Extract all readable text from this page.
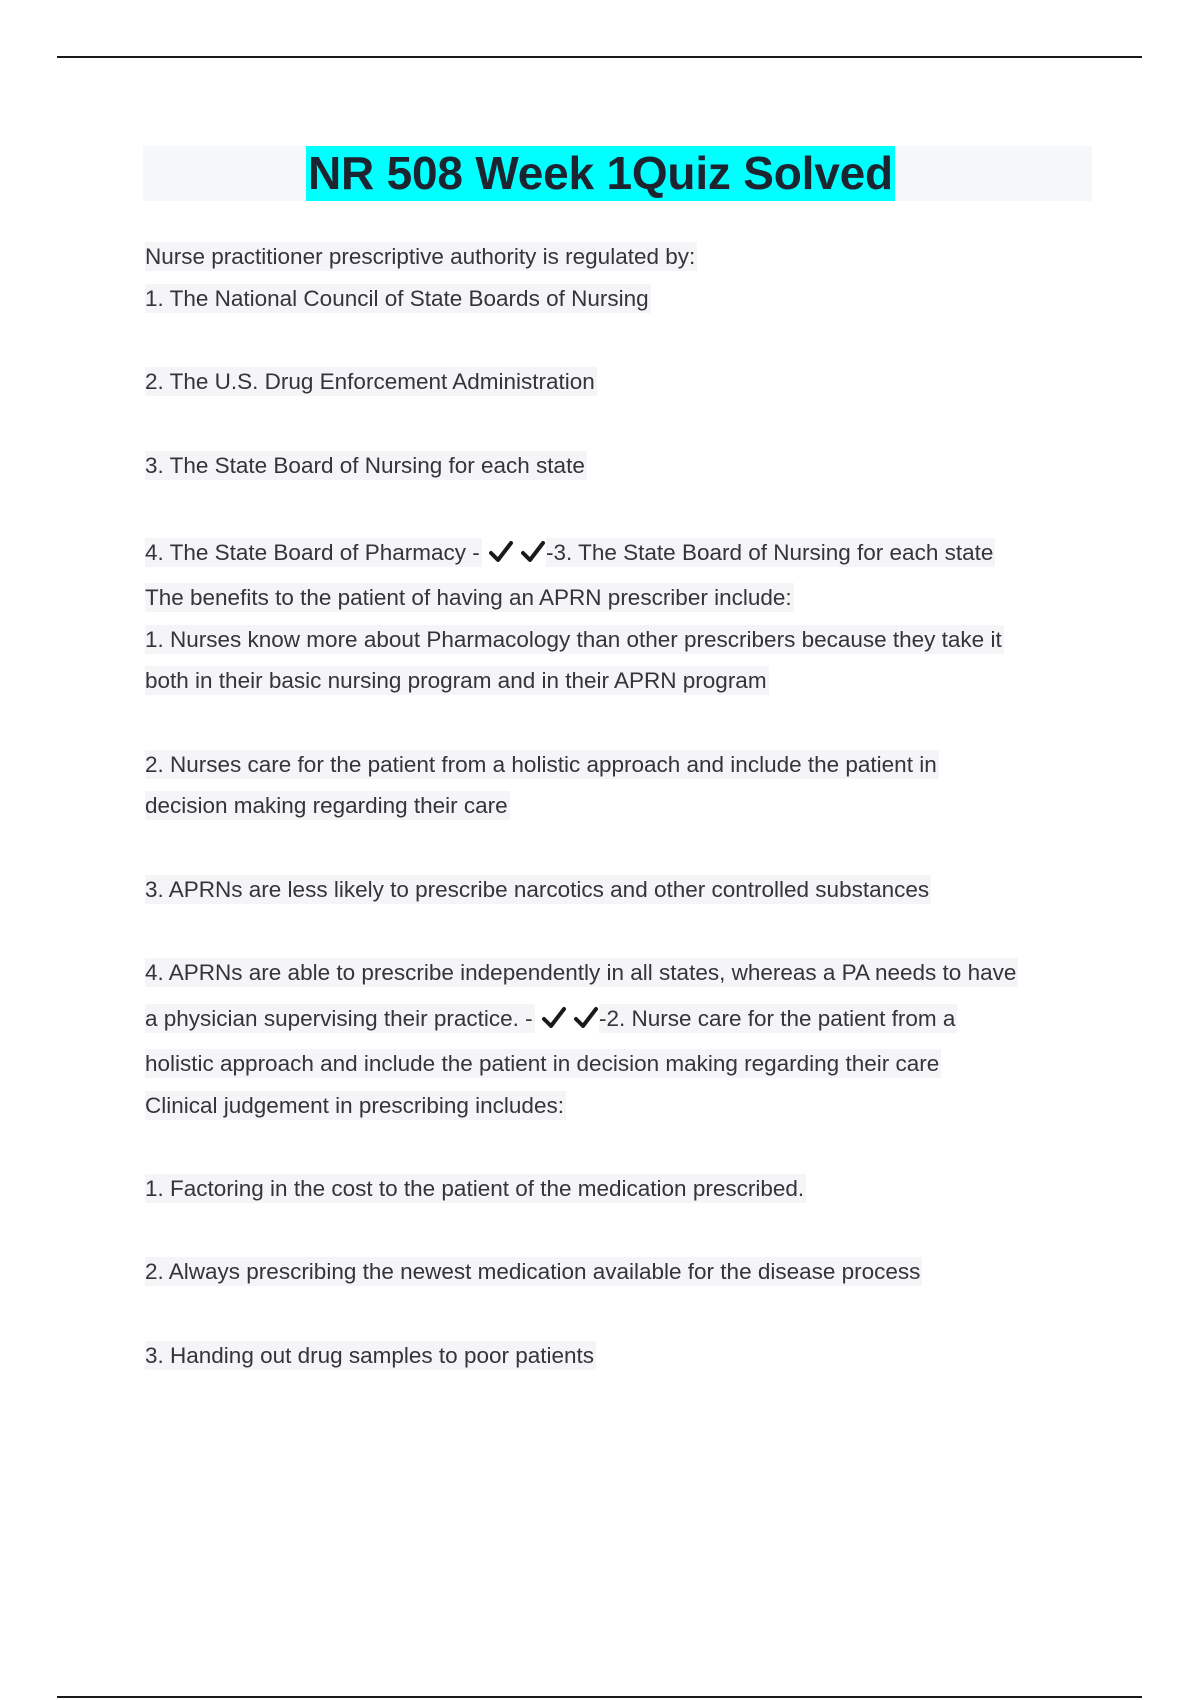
NR 508 Week 1Quiz Solved
Nurse practitioner prescriptive authority is regulated by:
1. The National Council of State Boards of Nursing
2. The U.S. Drug Enforcement Administration
3. The State Board of Nursing for each state
4. The State Board of Pharmacy -	-3. The State Board of Nursing for each state
The benefits to the patient of having an APRN prescriber include:
1. Nurses know more about Pharmacology than other prescribers because they take it
both in their basic nursing program and in their APRN program
2. Nurses care for the patient from a holistic approach and include the patient in
decision making regarding their care
3. APRNs are less likely to prescribe narcotics and other controlled substances
4. APRNs are able to prescribe independently in all states, whereas a PA needs to have
a physician supervising their practice. -	-2. Nurse care for the patient from a
holistic approach and include the patient in decision making regarding their care
Clinical judgement in prescribing includes:
1. Factoring in the cost to the patient of the medication prescribed.
2. Always prescribing the newest medication available for the disease process
3. Handing out drug samples to poor patients
